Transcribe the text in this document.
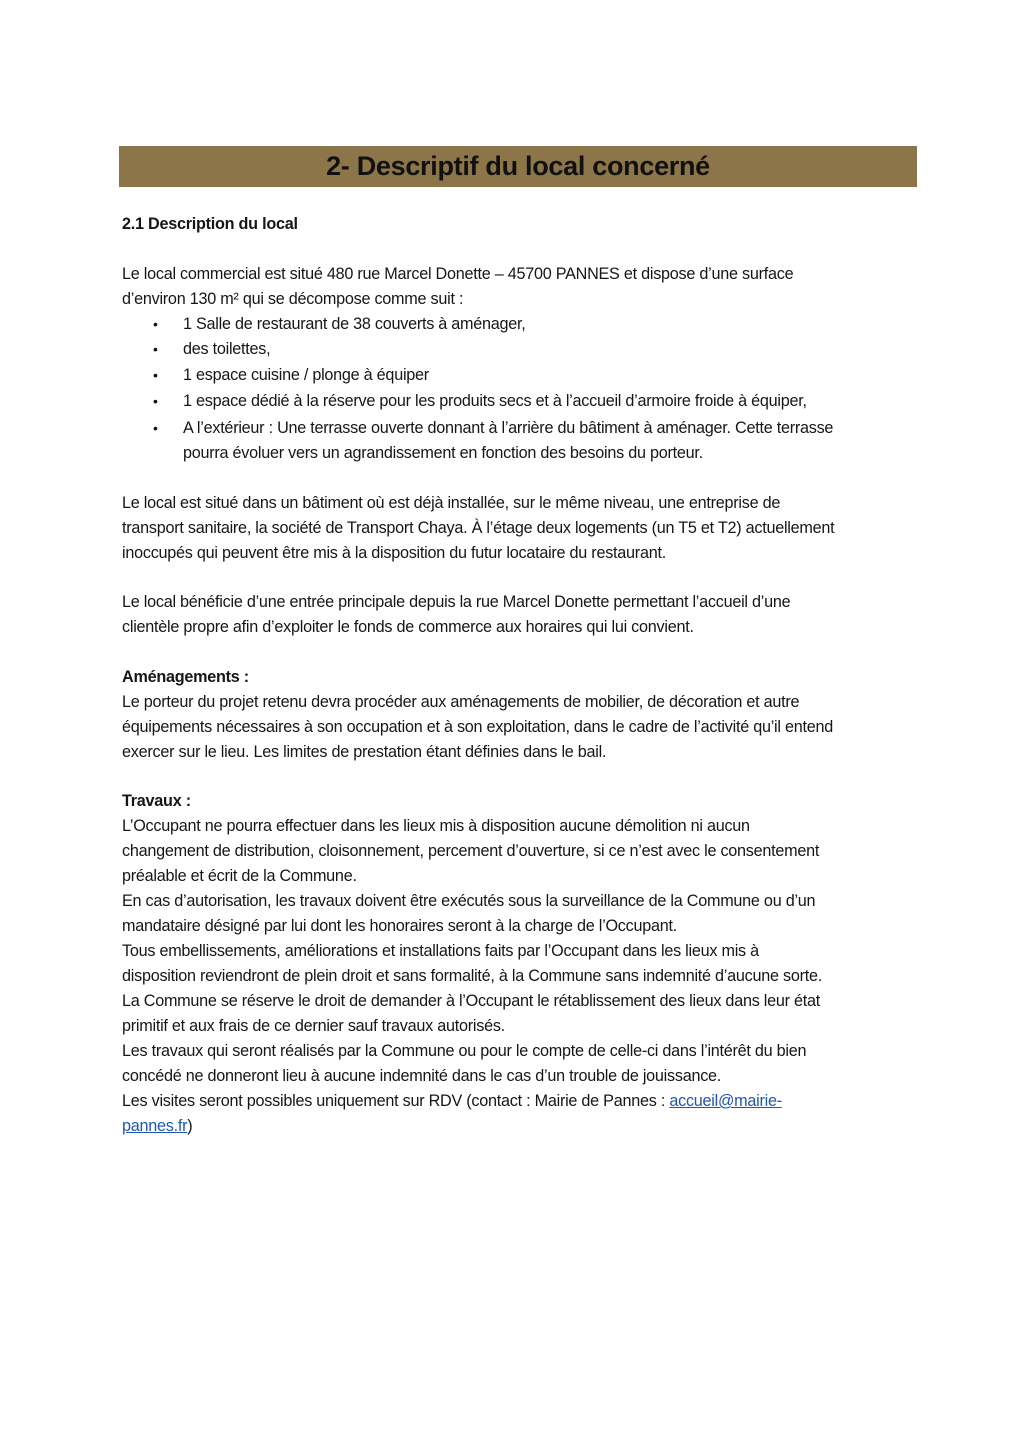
2- Descriptif du local concerné
2.1 Description du local
Le local commercial est situé 480 rue Marcel Donette – 45700 PANNES et dispose d’une surface
d’environ 130 m² qui se décompose comme suit :
• 1 Salle de restaurant de 38 couverts à aménager,
• des toilettes,
• 1 espace cuisine / plonge à équiper
• 1 espace dédié à la réserve pour les produits secs et à l’accueil d’armoire froide à équiper,
• A l’extérieur : Une terrasse ouverte donnant à l’arrière du bâtiment à aménager. Cette terrasse
pourra évoluer vers un agrandissement en fonction des besoins du porteur.
Le local est situé dans un bâtiment où est déjà installée, sur le même niveau, une entreprise de
transport sanitaire, la société de Transport Chaya. À l’étage deux logements (un T5 et T2) actuellement
inoccupés qui peuvent être mis à la disposition du futur locataire du restaurant.
Le local bénéficie d’une entrée principale depuis la rue Marcel Donette permettant l’accueil d’une
clientèle propre afin d’exploiter le fonds de commerce aux horaires qui lui convient.
Aménagements :
Le porteur du projet retenu devra procéder aux aménagements de mobilier, de décoration et autre
équipements nécessaires à son occupation et à son exploitation, dans le cadre de l’activité qu’il entend
exercer sur le lieu. Les limites de prestation étant définies dans le bail.
Travaux :
L’Occupant ne pourra effectuer dans les lieux mis à disposition aucune démolition ni aucun
changement de distribution, cloisonnement, percement d’ouverture, si ce n’est avec le consentement
préalable et écrit de la Commune.
En cas d’autorisation, les travaux doivent être exécutés sous la surveillance de la Commune ou d’un
mandataire désigné par lui dont les honoraires seront à la charge de l’Occupant.
Tous embellissements, améliorations et installations faits par l’Occupant dans les lieux mis à
disposition reviendront de plein droit et sans formalité, à la Commune sans indemnité d’aucune sorte.
La Commune se réserve le droit de demander à l’Occupant le rétablissement des lieux dans leur état
primitif et aux frais de ce dernier sauf travaux autorisés.
Les travaux qui seront réalisés par la Commune ou pour le compte de celle-ci dans l’intérêt du bien
concédé ne donneront lieu à aucune indemnité dans le cas d’un trouble de jouissance.
Les visites seront possibles uniquement sur RDV (contact : Mairie de Pannes : accueil@mairie-
pannes.fr)
